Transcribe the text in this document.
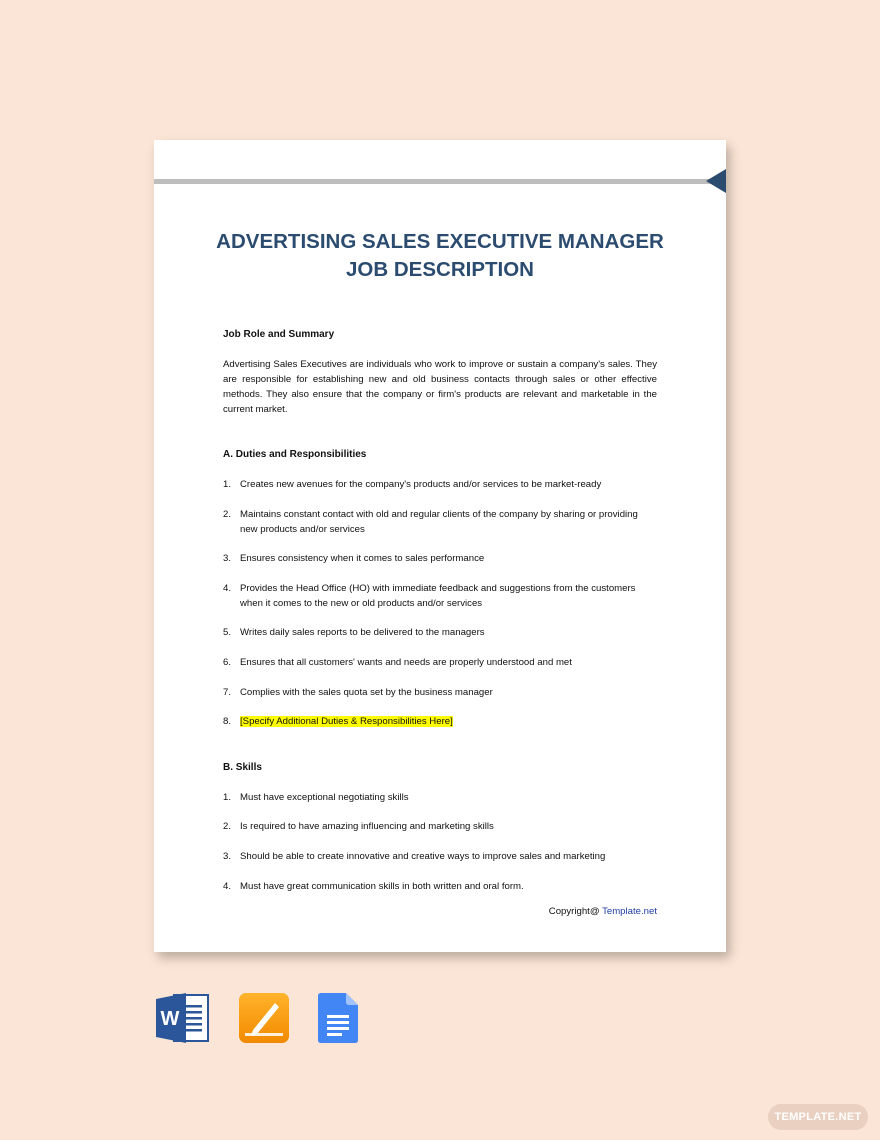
ADVERTISING SALES EXECUTIVE MANAGER
JOB DESCRIPTION
Job Role and Summary

Advertising Sales Executives are individuals who work to improve or sustain a company's sales. They are responsible for establishing new and old business contacts through sales or other effective methods. They also ensure that the company or firm's products are relevant and marketable in the current market.

A. Duties and Responsibilities
1. Creates new avenues for the company's products and/or services to be market-ready
2. Maintains constant contact with old and regular clients of the company by sharing or providing new products and/or services
3. Ensures consistency when it comes to sales performance
4. Provides the Head Office (HO) with immediate feedback and suggestions from the customers when it comes to the new or old products and/or services
5. Writes daily sales reports to be delivered to the managers
6. Ensures that all customers' wants and needs are properly understood and met
7. Complies with the sales quota set by the business manager
8. [Specify Additional Duties & Responsibilities Here]
B. Skills
1. Must have exceptional negotiating skills
2. Is required to have amazing influencing and marketing skills
3. Should be able to create innovative and creative ways to improve sales and marketing
4. Must have great communication skills in both written and oral form.
Copyright@ Template.net
W
TEMPLATE.NET
